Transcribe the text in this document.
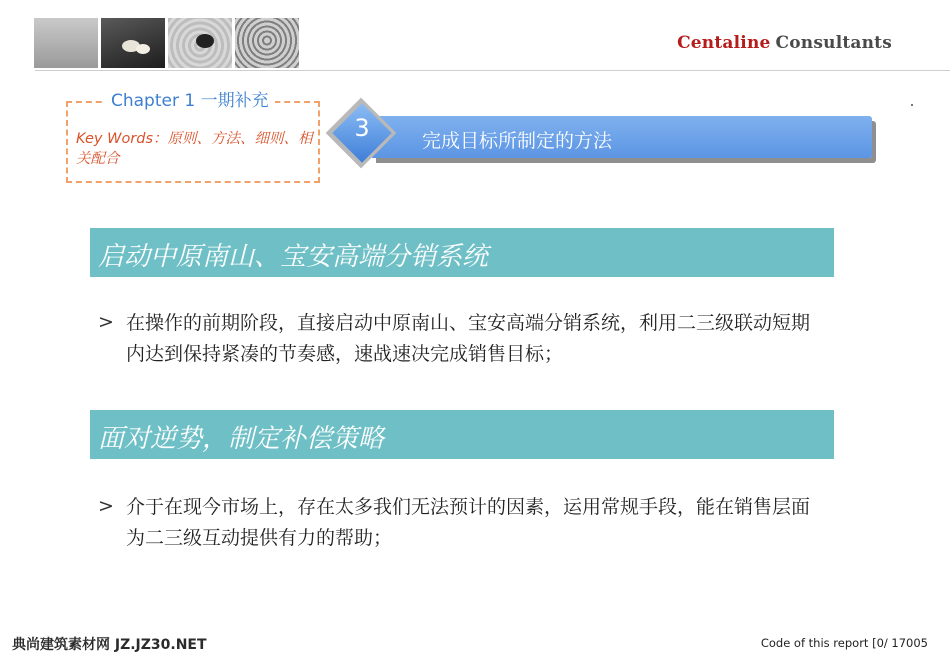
Centaline Consultants
Chapter 1 一期补充
Key Words：原则、方法、细则、相关配合
完成目标所制定的方法
3
启动中原南山、宝安高端分销系统
> 在操作的前期阶段，直接启动中原南山、宝安高端分销系统，利用二三级联动短期内达到保持紧凑的节奏感，速战速决完成销售目标；
面对逆势，制定补偿策略
> 介于在现今市场上，存在太多我们无法预计的因素，运用常规手段，能在销售层面为二三级互动提供有力的帮助；
典尚建筑素材网 JZ.JZ30.NET	Code of this report [0/ 17005
